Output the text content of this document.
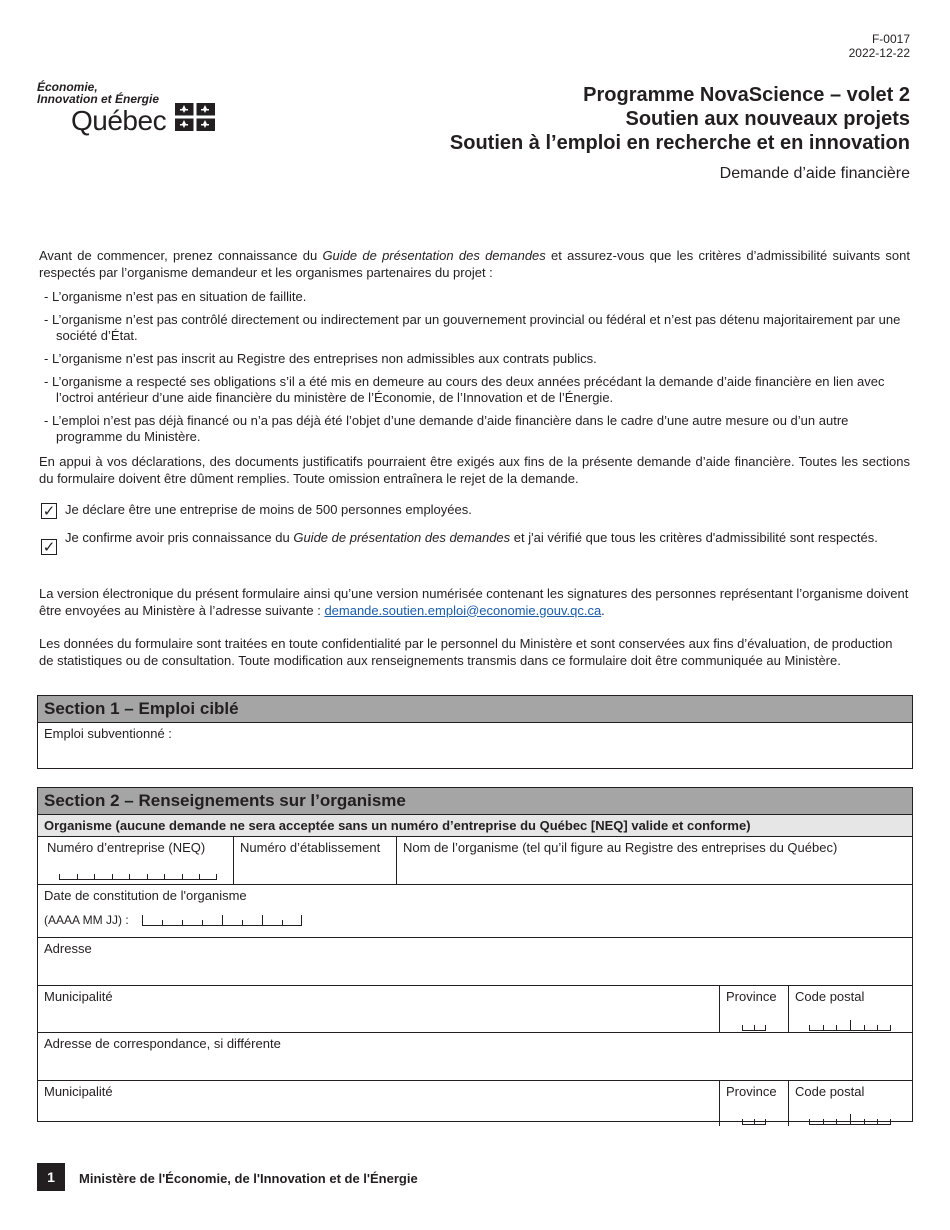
F-0017
2022-12-22
Économie,
Innovation et Énergie
Québec
Programme NovaScience – volet 2
Soutien aux nouveaux projets
Soutien à l’emploi en recherche et en innovation
Demande d’aide financière
Avant de commencer, prenez connaissance du Guide de présentation des demandes et assurez-vous que les critères d’admissibilité suivants sont respectés par l’organisme demandeur et les organismes partenaires du projet :
- L’organisme n’est pas en situation de faillite.
- L’organisme n’est pas contrôlé directement ou indirectement par un gouvernement provincial ou fédéral et n’est pas détenu majoritairement par une société d’État.
- L’organisme n’est pas inscrit au Registre des entreprises non admissibles aux contrats publics.
- L’organisme a respecté ses obligations s’il a été mis en demeure au cours des deux années précédant la demande d’aide financière en lien avec l’octroi antérieur d’une aide financière du ministère de l’Économie, de l’Innovation et de l’Énergie.
- L’emploi n’est pas déjà financé ou n’a pas déjà été l’objet d’une demande d’aide financière dans le cadre d’une autre mesure ou d’un autre programme du Ministère.
En appui à vos déclarations, des documents justificatifs pourraient être exigés aux fins de la présente demande d’aide financière. Toutes les sections du formulaire doivent être dûment remplies. Toute omission entraînera le rejet de la demande.
✓ Je déclare être une entreprise de moins de 500 personnes employées.
✓
Je confirme avoir pris connaissance du Guide de présentation des demandes et j'ai vérifié que tous les critères d'admissibilité sont respectés.
La version électronique du présent formulaire ainsi qu’une version numérisée contenant les signatures des personnes représentant l’organisme doivent être envoyées au Ministère à l’adresse suivante : demande.soutien.emploi@economie.gouv.qc.ca.
Les données du formulaire sont traitées en toute confidentialité par le personnel du Ministère et sont conservées aux fins d’évaluation, de production de statistiques ou de consultation. Toute modification aux renseignements transmis dans ce formulaire doit être communiquée au Ministère.
Section 1 – Emploi ciblé
Emploi subventionné :
Section 2 – Renseignements sur l’organisme
Organisme (aucune demande ne sera acceptée sans un numéro d’entreprise du Québec [NEQ] valide et conforme)
Numéro d’entreprise (NEQ)	Numéro d’établissement	Nom de l’organisme (tel qu’il figure au Registre des entreprises du Québec)
Date de constitution de l'organisme
(AAAA MM JJ) :
Adresse
Municipalité	Province	Code postal
Adresse de correspondance, si différente
Municipalité	Province	Code postal
1	Ministère de l'Économie, de l'Innovation et de l'Énergie
